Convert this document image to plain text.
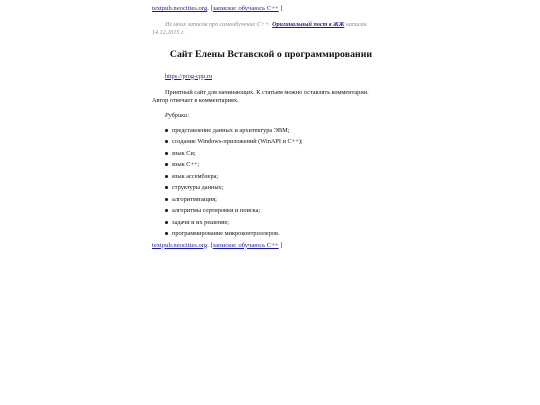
textpub.neocities.org. [записки: обучаюсь С++ ]
Из моих записок про самообучение С++. Оригинальный пост в ЖЖ написан
14.12.2015 г.
Сайт Елены Вставской о программировании
https://prog-cpp.ru
Приятный сайт для начинающих. К статьям можно оставлять комментарии.
Автор отвечает в комментариях.
Рубрики:
представление данных и архитектура ЭВМ;
создание Windows-приложений (WinAPI и С++);
язык Си;
язык С++;
язык ассемблера;
структуры данных;
алгоритмизация;
алгоритмы сортировки и поиска;
задачи и их решение;
программирование микроконтроллеров.
textpub.neocities.org. [записки: обучаюсь С++ ]
